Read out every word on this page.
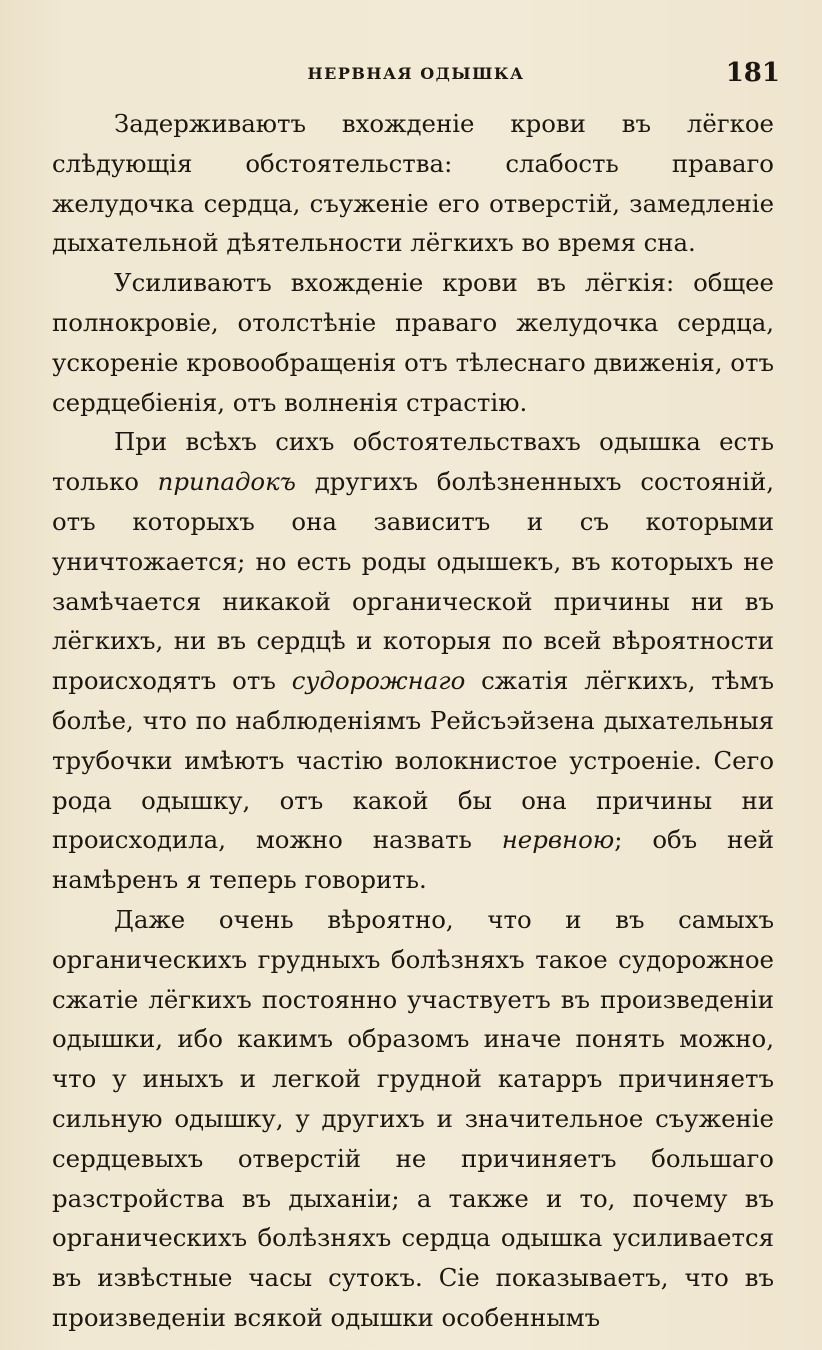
НЕРВНАЯ ОДЫШКА	181

Задерживаютъ вхожденіе крови въ лёгкое слѣдующія обстоятельства: слабость праваго желудочка сердца, съуженіе его отверстій, замедленіе дыхательной дѣятельности лёгкихъ во время сна.

Усиливаютъ вхожденіе крови въ лёгкія: общее полнокровіе, отолстѣніе праваго желудочка сердца, ускореніе кровообращенія отъ тѣлеснаго движенія, отъ сердцебіенія, отъ волненія страстію.

При всѣхъ сихъ обстоятельствахъ одышка есть только припадокъ другихъ болѣзненныхъ состояній, отъ которыхъ она зависитъ и съ которыми уничтожается; но есть роды одышекъ, въ которыхъ не замѣчается никакой органической причины ни въ лёгкихъ, ни въ сердцѣ и которыя по всей вѣроятности происходятъ отъ судорожнаго сжатія лёгкихъ, тѣмъ болѣе, что по наблюденіямъ Рейсъэйзена дыхательныя трубочки имѣютъ частію волокнистое устроеніе. Сего рода одышку, отъ какой бы она причины ни происходила, можно назвать нервною; объ ней намѣренъ я теперь говорить.

Даже очень вѣроятно, что и въ самыхъ органическихъ грудныхъ болѣзняхъ такое судорожное сжатіе лёгкихъ постоянно участвуетъ въ произведеніи одышки, ибо какимъ образомъ иначе понять можно, что у иныхъ и легкой грудной катарръ причиняетъ сильную одышку, у другихъ и значительное съуженіе сердцевыхъ отверстій не причиняетъ большаго разстройства въ дыханіи; а также и то, почему въ органическихъ болѣзняхъ сердца одышка усиливается въ извѣстные часы сутокъ. Сіе показываетъ, что въ произведеніи всякой одышки особеннымъ
